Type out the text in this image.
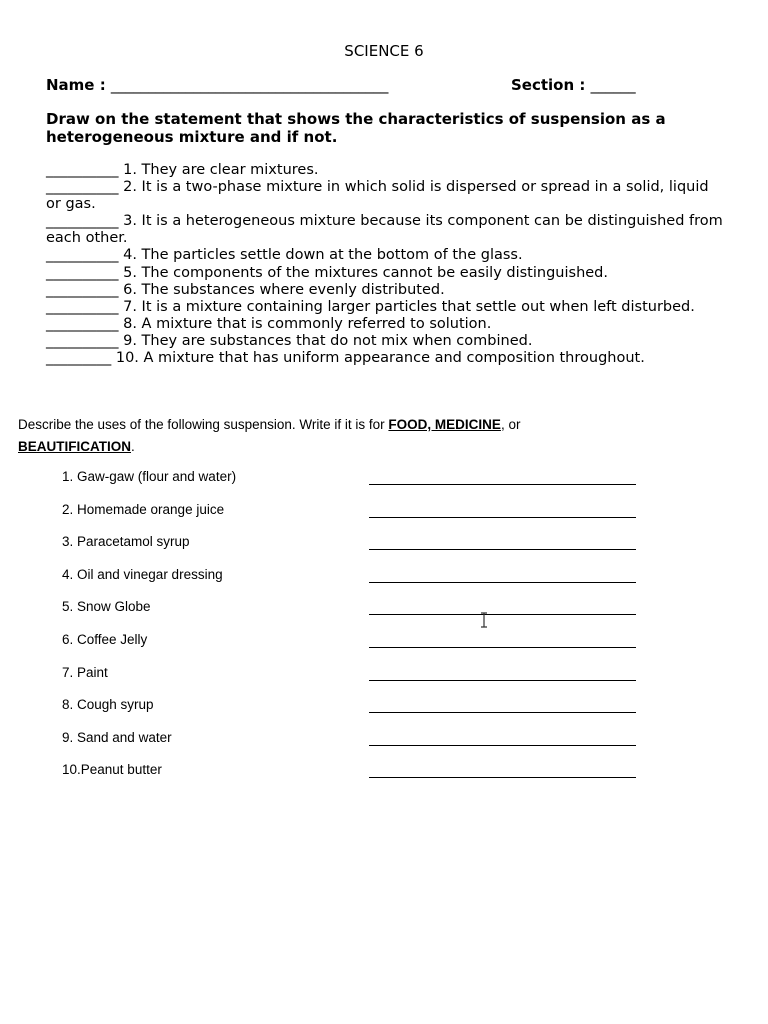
SCIENCE 6
Name : _____________________________________	Section : ______
Draw on the statement that shows the characteristics of suspension as a heterogeneous mixture and if not.
__________ 1. They are clear mixtures.
__________ 2. It is a two-phase mixture in which solid is dispersed or spread in a solid, liquid or gas.
__________ 3. It is a heterogeneous mixture because its component can be distinguished from each other.
__________ 4. The particles settle down at the bottom of the glass.
__________ 5. The components of the mixtures cannot be easily distinguished.
__________ 6. The substances where evenly distributed.
__________ 7. It is a mixture containing larger particles that settle out when left disturbed.
__________ 8. A mixture that is commonly referred to solution.
__________ 9. They are substances that do not mix when combined.
_________ 10. A mixture that has uniform appearance and composition throughout.
Describe the uses of the following suspension. Write if it is for FOOD, MEDICINE, or
BEAUTIFICATION.
1. Gaw-gaw (flour and water)
2. Homemade orange juice
3. Paracetamol syrup
4. Oil and vinegar dressing
5. Snow Globe
6. Coffee Jelly
7. Paint
8. Cough syrup
9. Sand and water
10.Peanut butter
